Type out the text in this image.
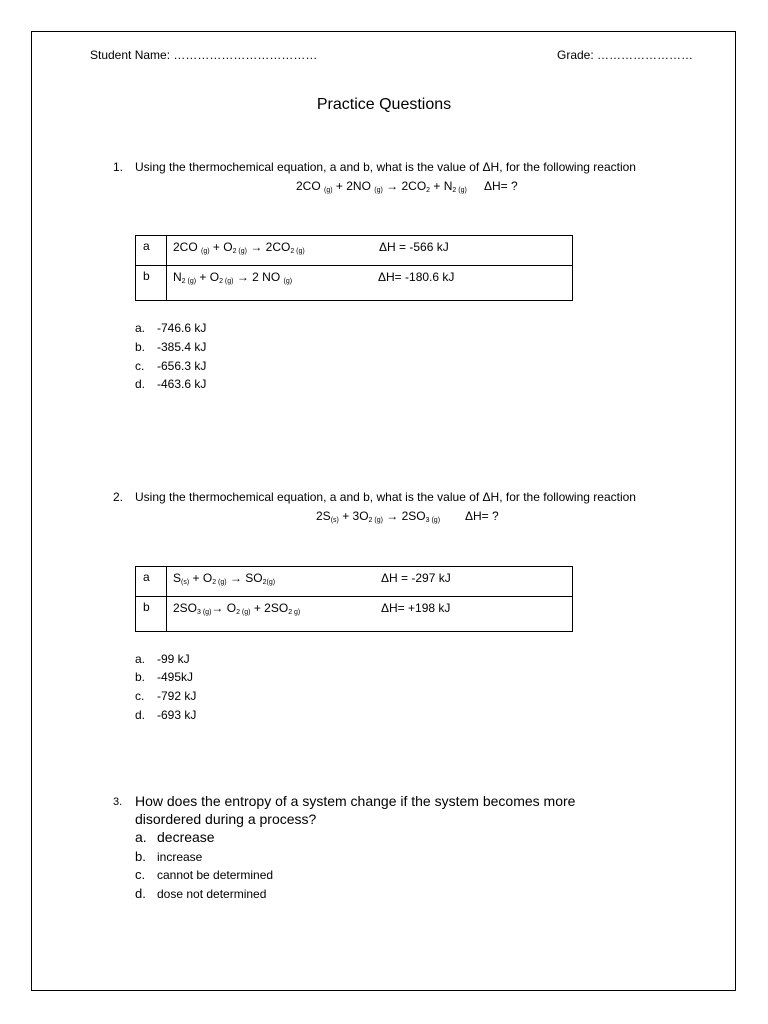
Student Name: ………………………………	Grade: ……………………
Practice Questions
1. Using the thermochemical equation, a and b, what is the value of ΔH, for the following reaction
2CO $_{(g)}$ + 2NO $_{(g)} \to 2CO_2 + N_{2 (g)}$ ΔH= ?
a	2CO $_{(g)} + O_{2 (g)} \to 2CO_{2 (g)}$ ΔH = -566 kJ

b	$N_{2 (g)} + O_{2 (g)} \to 2$ NO $_{(g)}$ ΔH= -180.6 kJ
a. -746.6 kJ
b. -385.4 kJ
c. -656.3 kJ
d. -463.6 kJ
2. Using the thermochemical equation, a and b, what is the value of ΔH, for the following reaction
$2S_{(s)} + 3O_{2 (g)} \to 2SO_{3 (g)}$ ΔH= ?
a	$S_{(s)} + O_{2 (g)} \to SO_{2(g)}$ ΔH = -297 kJ

b	$2SO_{3 (g)}\to O_{2 (g)} + 2SO_{2 g)}$ ΔH= +198 kJ
a. -99 kJ
b. -495kJ
c. -792 kJ
d. -693 kJ
3. How does the entropy of a system change if the system becomes more
disordered during a process?
a. decrease
b. increase
c. cannot be determined
d. dose not determined
